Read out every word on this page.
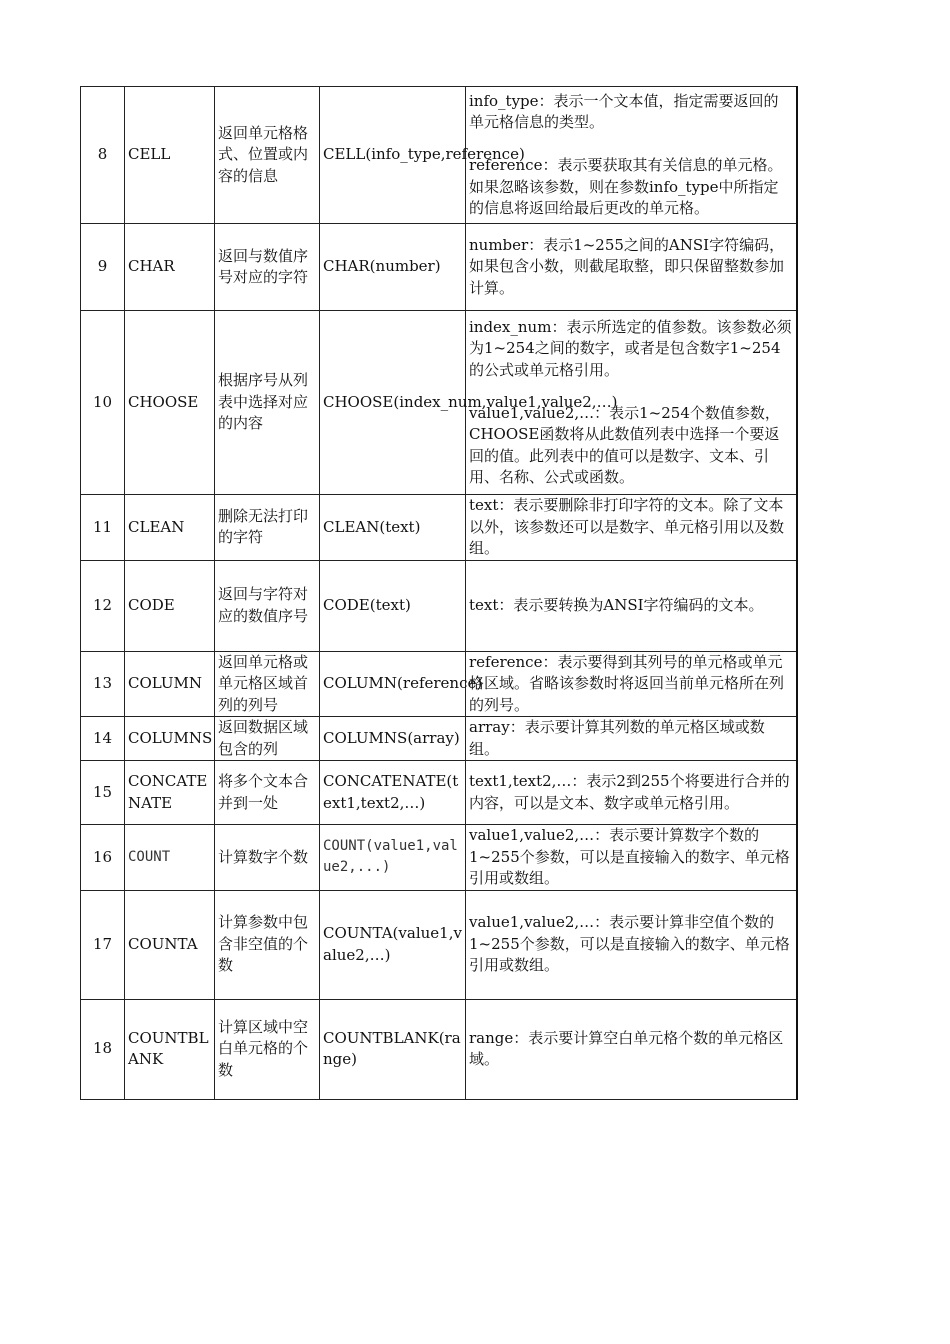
8	CELL	返回单元格格式、位置或内容的信息	CELL(info_type,reference)	info_type：表示一个文本值，指定需要返回的单元格信息的类型。

reference：表示要获取其有关信息的单元格。如果忽略该参数，则在参数info_type中所指定的信息将返回给最后更改的单元格。
9	CHAR	返回与数值序号对应的字符	CHAR(number)	number：表示1~255之间的ANSI字符编码，如果包含小数，则截尾取整，即只保留整数参加计算。
10	CHOOSE	根据序号从列表中选择对应的内容	CHOOSE(index_num,value1,value2,…)	index_num：表示所选定的值参数。该参数必须为1~254之间的数字，或者是包含数字1~254的公式或单元格引用。

value1,value2,…：表示1~254个数值参数，CHOOSE函数将从此数值列表中选择一个要返回的值。此列表中的值可以是数字、文本、引用、名称、公式或函数。
11	CLEAN	删除无法打印的字符	CLEAN(text)	text：表示要删除非打印字符的文本。除了文本以外，该参数还可以是数字、单元格引用以及数组。
12	CODE	返回与字符对应的数值序号	CODE(text)	text：表示要转换为ANSI字符编码的文本。
13	COLUMN	返回单元格或单元格区域首列的列号	COLUMN(reference)	reference：表示要得到其列号的单元格或单元格区域。省略该参数时将返回当前单元格所在列的列号。
14	COLUMNS	返回数据区域包含的列	COLUMNS(array)	array：表示要计算其列数的单元格区域或数组。
15	CONCATENATE	将多个文本合并到一处	CONCATENATE(text1,text2,…)	text1,text2,…：表示2到255个将要进行合并的内容，可以是文本、数字或单元格引用。
16	COUNT	计算数字个数	COUNT(value1,value2,...)	value1,value2,…：表示要计算数字个数的1~255个参数，可以是直接输入的数字、单元格引用或数组。
17	COUNTA	计算参数中包含非空值的个数	COUNTA(value1,value2,…)	value1,value2,…：表示要计算非空值个数的1~255个参数，可以是直接输入的数字、单元格引用或数组。
18	COUNTBLANK	计算区域中空白单元格的个数	COUNTBLANK(range)	range：表示要计算空白单元格个数的单元格区域。
